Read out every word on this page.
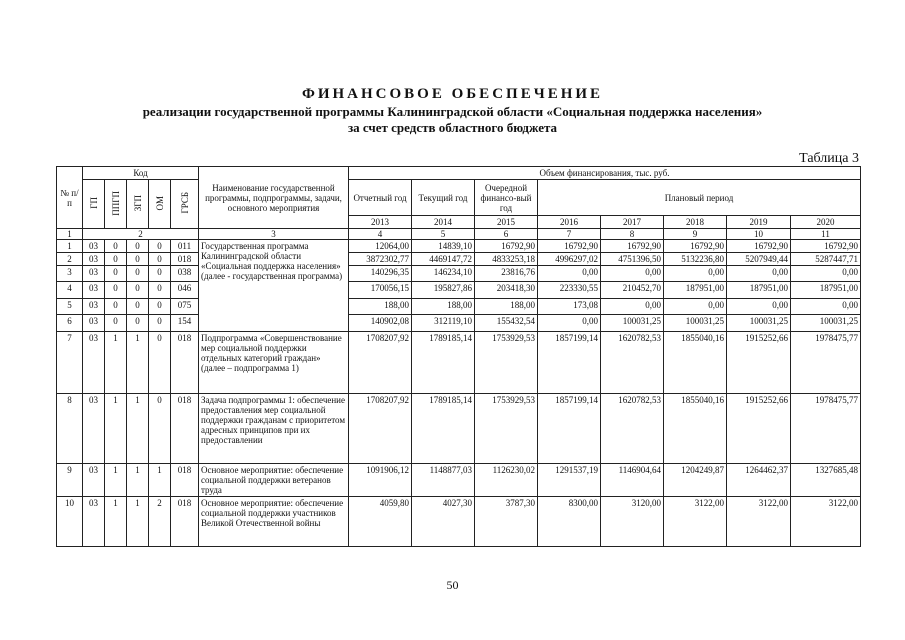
ФИНАНСОВОЕ ОБЕСПЕЧЕНИЕ

реализации государственной программы Калининградской области «Социальная поддержка населения»

за счет средств областного бюджета

Таблица 3
№ п/п	Код					Наименование государственной программы, подпрограммы, задачи, основного мероприятия	Объем финансирования, тыс. руб.							
	ГП	ППГП	ЗГП	ОМ	ГРСБ		Отчетный год	Текущий год	Очередной финансо-вый год	Плановый период				
							2013	2014	2015	2016	2017	2018	2019	2020
1	2					3	4	5	6	7	8	9	10	11
1	03	0	0	0	011	Государственная программа Калининградской области «Социальная поддержка населения» (далее - государственная программа)	12064,00	14839,10	16792,90	16792,90	16792,90	16792,90	16792,90	16792,90
2	03	0	0	0	018		3872302,77	4469147,72	4833253,18	4996297,02	4751396,50	5132236,80	5207949,44	5287447,71
3	03	0	0	0	038		140296,35	146234,10	23816,76	0,00	0,00	0,00	0,00	0,00
4	03	0	0	0	046		170056,15	195827,86	203418,30	223330,55	210452,70	187951,00	187951,00	187951,00
5	03	0	0	0	075		188,00	188,00	188,00	173,08	0,00	0,00	0,00	0,00
6	03	0	0	0	154		140902,08	312119,10	155432,54	0,00	100031,25	100031,25	100031,25	100031,25
7	03	1	1	0	018	Подпрограмма «Совершенствование мер социальной поддержки отдельных категорий граждан» (далее – подпрограмма 1)	1708207,92	1789185,14	1753929,53	1857199,14	1620782,53	1855040,16	1915252,66	1978475,77
8	03	1	1	0	018	Задача подпрограммы 1: обеспечение предоставления мер социальной поддержки гражданам с приоритетом адресных принципов при их предоставлении	1708207,92	1789185,14	1753929,53	1857199,14	1620782,53	1855040,16	1915252,66	1978475,77
9	03	1	1	1	018	Основное мероприятие: обеспечение социальной поддержки ветеранов труда	1091906,12	1148877,03	1126230,02	1291537,19	1146904,64	1204249,87	1264462,37	1327685,48
10	03	1	1	2	018	Основное мероприятие: обеспечение социальной поддержки участников Великой Отечественной войны	4059,80	4027,30	3787,30	8300,00	3120,00	3122,00	3122,00	3122,00
50
